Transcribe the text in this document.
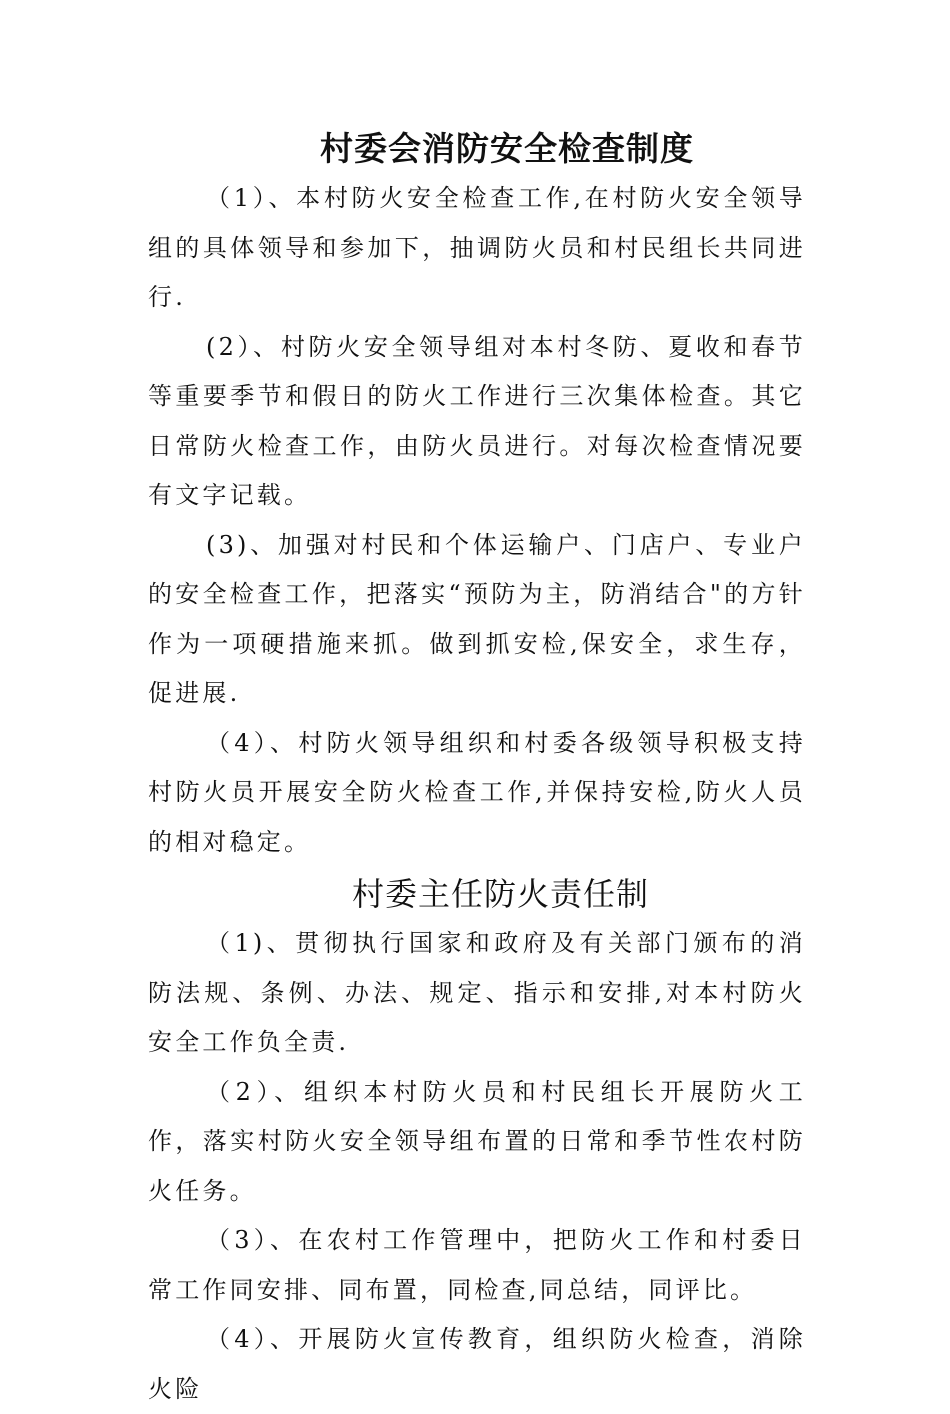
村委会消防安全检查制度

（1）、本村防火安全检查工作,在村防火安全领导组的具体领导和参加下，抽调防火员和村民组长共同进行.

(2）、村防火安全领导组对本村冬防、夏收和春节等重要季节和假日的防火工作进行三次集体检查。其它日常防火检查工作，由防火员进行。对每次检查情况要有文字记载。

(3)、加强对村民和个体运输户、门店户、专业户的安全检查工作，把落实“预防为主，防消结合"的方针作为一项硬措施来抓。做到抓安检,保安全，求生存，促进展.

（4）、村防火领导组织和村委各级领导积极支持村防火员开展安全防火检查工作,并保持安检,防火人员的相对稳定。

村委主任防火责任制

（1)、贯彻执行国家和政府及有关部门颁布的消防法规、条例、办法、规定、指示和安排,对本村防火安全工作负全责.

（2）、组织本村防火员和村民组长开展防火工作，落实村防火安全领导组布置的日常和季节性农村防火任务。

（3）、在农村工作管理中，把防火工作和村委日常工作同安排、同布置，同检查,同总结，同评比。

（4）、开展防火宣传教育，组织防火检查，消除火险
